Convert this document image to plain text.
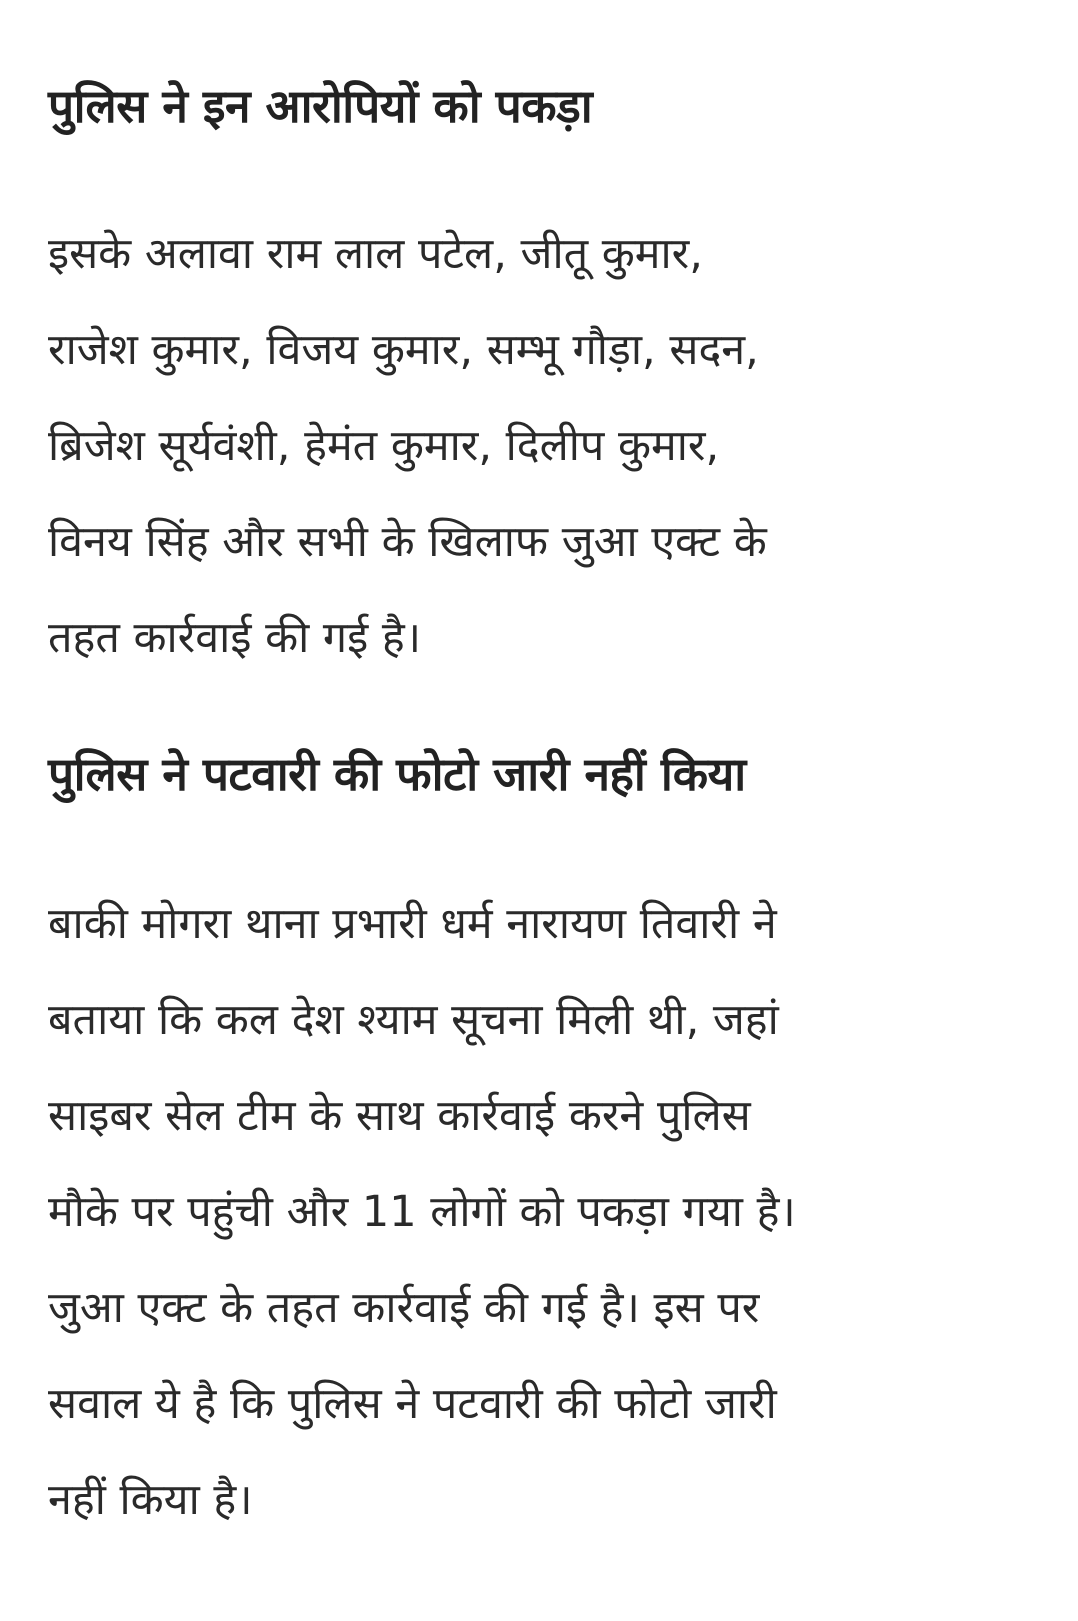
पुलिस ने इन आरोपियों को पकड़ा

इसके अलावा राम लाल पटेल, जीतू कुमार,
राजेश कुमार, विजय कुमार, सम्भू गौड़ा, सदन,
ब्रिजेश सूर्यवंशी, हेमंत कुमार, दिलीप कुमार,
विनय सिंह और सभी के खिलाफ जुआ एक्ट के
तहत कार्रवाई की गई है।

पुलिस ने पटवारी की फोटो जारी नहीं किया

बाकी मोगरा थाना प्रभारी धर्म नारायण तिवारी ने
बताया कि कल देश श्याम सूचना मिली थी, जहां
साइबर सेल टीम के साथ कार्रवाई करने पुलिस
मौके पर पहुंची और 11 लोगों को पकड़ा गया है।
जुआ एक्ट के तहत कार्रवाई की गई है। इस पर
सवाल ये है कि पुलिस ने पटवारी की फोटो जारी
नहीं किया है।
